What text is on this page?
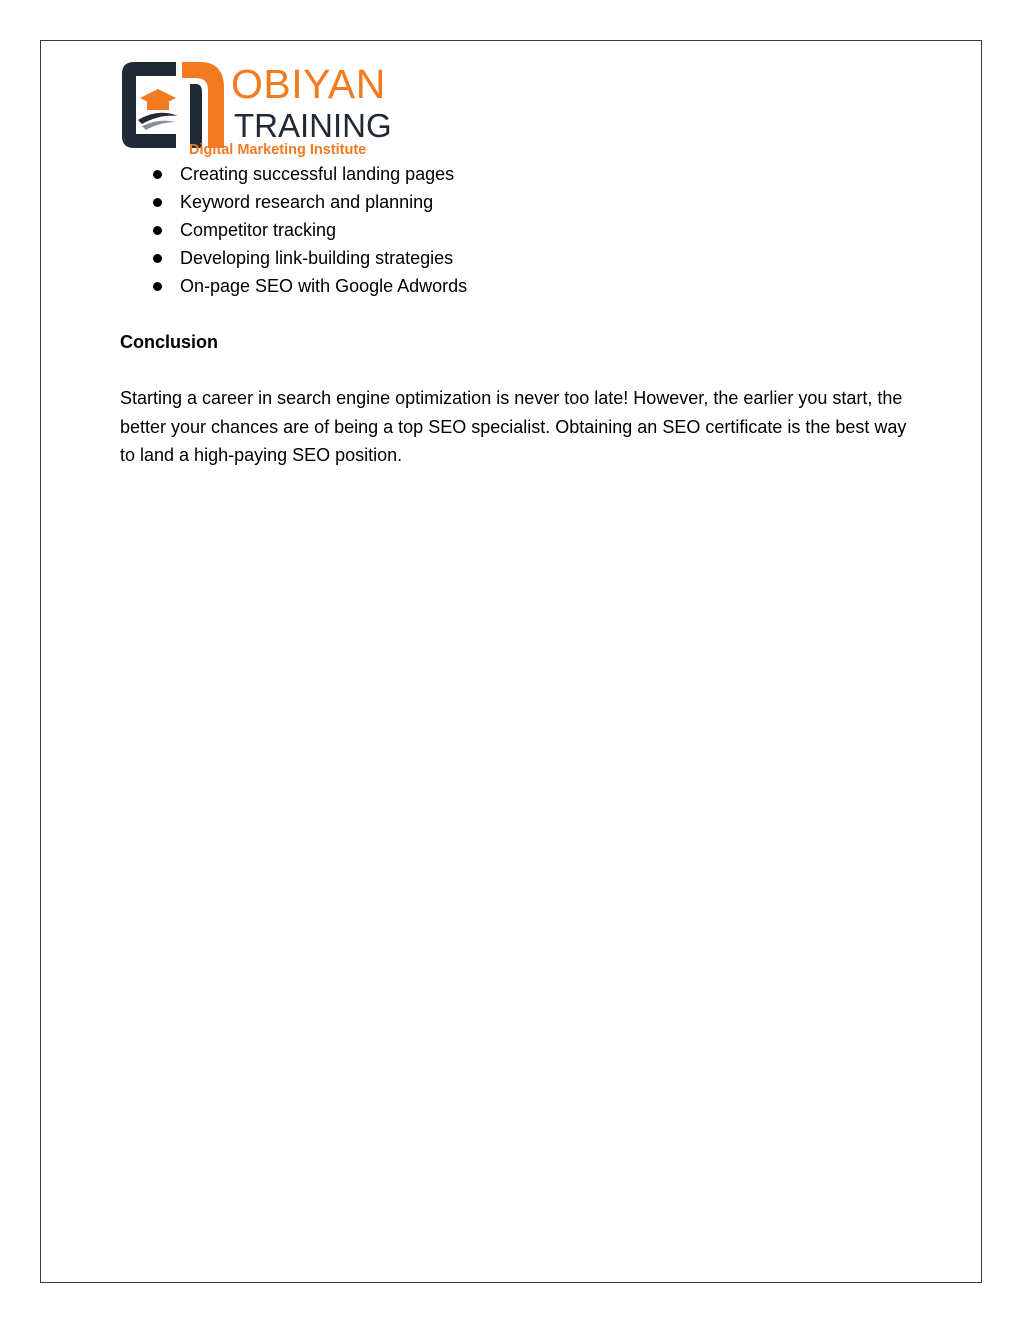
OBIYAN
TRAINING
Digital Marketing Institute
Creating successful landing pages
Keyword research and planning
Competitor tracking
Developing link-building strategies
On-page SEO with Google Adwords
Conclusion

Starting a career in search engine optimization is never too late! However, the earlier you start, the better your chances are of being a top SEO specialist. Obtaining an SEO certificate is the best way to land a high-paying SEO position.
